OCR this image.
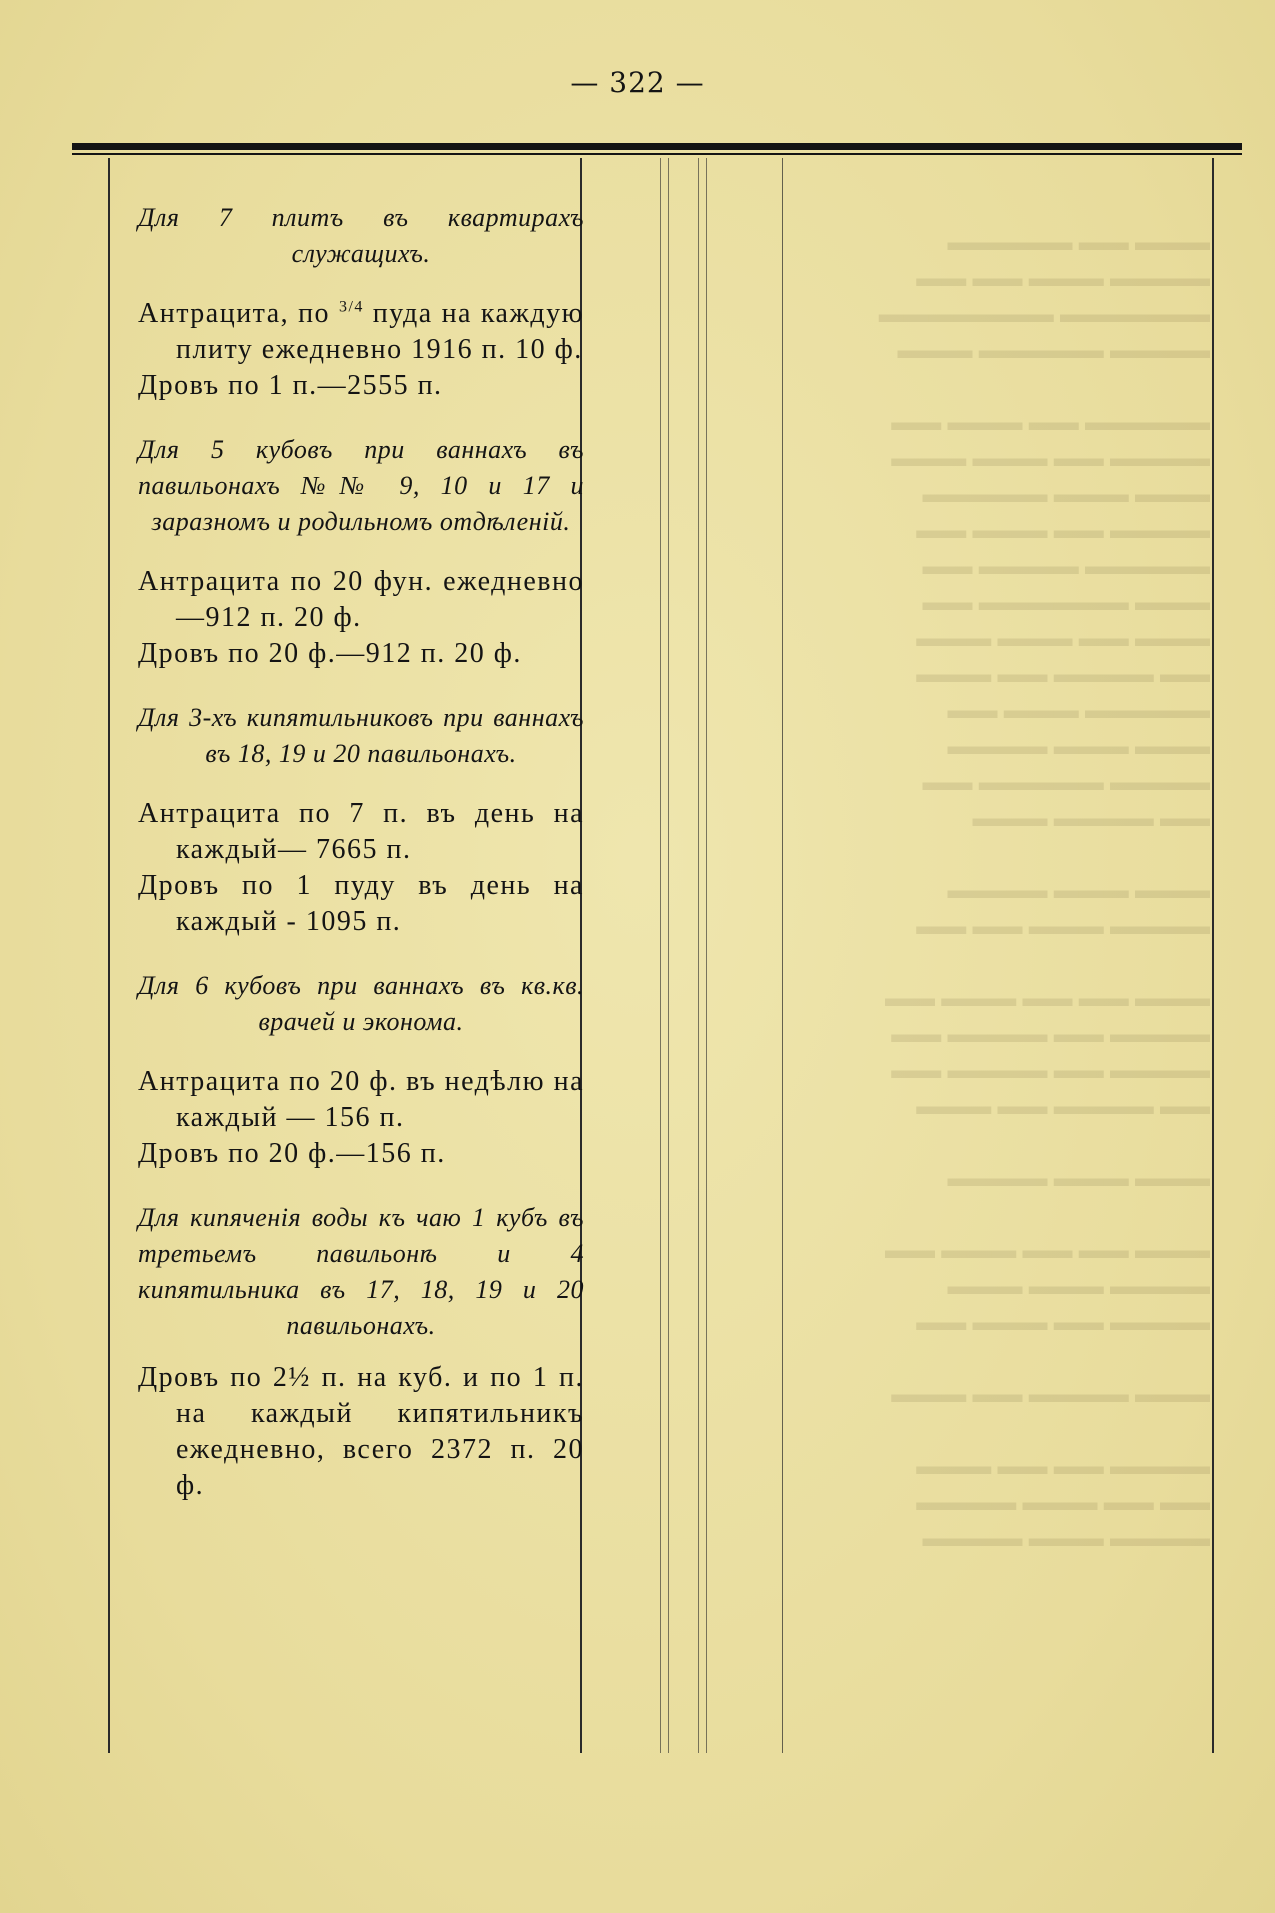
— 322 —
▬▬▬ ▬▬ ▬▬▬▬▬
▬▬▬▬ ▬▬▬ ▬▬ ▬▬
▬▬▬▬▬▬ ▬▬▬▬▬▬▬
▬▬▬▬ ▬▬▬▬▬ ▬▬▬

▬▬▬▬▬ ▬▬ ▬▬▬ ▬▬
▬▬▬▬ ▬▬ ▬▬▬ ▬▬▬
▬▬▬ ▬▬▬ ▬▬▬▬▬
▬▬▬▬ ▬▬ ▬▬▬ ▬▬
▬▬▬▬▬ ▬▬▬▬ ▬▬
▬▬▬ ▬▬▬▬▬▬ ▬▬
▬▬▬ ▬▬ ▬▬▬ ▬▬▬
▬▬ ▬▬▬▬ ▬▬ ▬▬▬
▬▬▬▬▬ ▬▬▬ ▬▬
▬▬▬ ▬▬▬ ▬▬▬▬
▬▬▬▬ ▬▬▬▬▬ ▬▬
▬▬ ▬▬▬▬ ▬▬▬

▬▬▬ ▬▬▬ ▬▬▬▬
▬▬▬▬ ▬▬▬ ▬▬ ▬▬

▬▬▬ ▬▬ ▬▬ ▬▬▬ ▬▬
▬▬▬▬ ▬▬ ▬▬▬▬ ▬▬
▬▬▬▬ ▬▬ ▬▬▬▬ ▬▬
▬▬ ▬▬▬▬ ▬▬ ▬▬▬

▬▬▬ ▬▬▬ ▬▬▬▬

▬▬▬ ▬▬ ▬▬ ▬▬▬ ▬▬
▬▬▬▬ ▬▬▬ ▬▬▬
▬▬▬▬ ▬▬ ▬▬▬ ▬▬

▬▬▬ ▬▬▬▬ ▬▬ ▬▬▬

▬▬▬▬ ▬▬ ▬▬ ▬▬▬
▬▬ ▬▬ ▬▬▬ ▬▬▬▬
▬▬▬▬ ▬▬▬ ▬▬▬▬
Для 7 плитъ въ квартирахъ служащихъ.
Антрацита, по $^{3/4}$ пуда на каждую плиту ежедневно 1916 п. 10 ф.
Дровъ по 1 п.—2555 п.
Для 5 кубовъ при ваннахъ въ павильонахъ №№ 9, 10 и 17 и заразномъ и родильномъ отдѣленiй.
Антрацита по 20 фун. ежедневно—912 п. 20 ф.
Дровъ по 20 ф.—912 п. 20 ф.
Для 3-хъ кипятильниковъ при ваннахъ въ 18, 19 и 20 павильонахъ.
Антрацита по 7 п. въ день на каждый— 7665 п.
Дровъ по 1 пуду въ день на каждый - 1095 п.
Для 6 кубовъ при ваннахъ въ кв.кв. врачей и эконома.
Антрацита по 20 ф. въ недѣлю на каждый — 156 п.
Дровъ по 20 ф.—156 п.
Для кипяченiя воды къ чаю 1 кубъ въ третьемъ павильонѣ и 4 кипятильника въ 17, 18, 19 и 20 павильонахъ.
Дровъ по 2½ п. на куб. и по 1 п. на каждый кипятильникъ ежедневно, всего 2372 п. 20 ф.
